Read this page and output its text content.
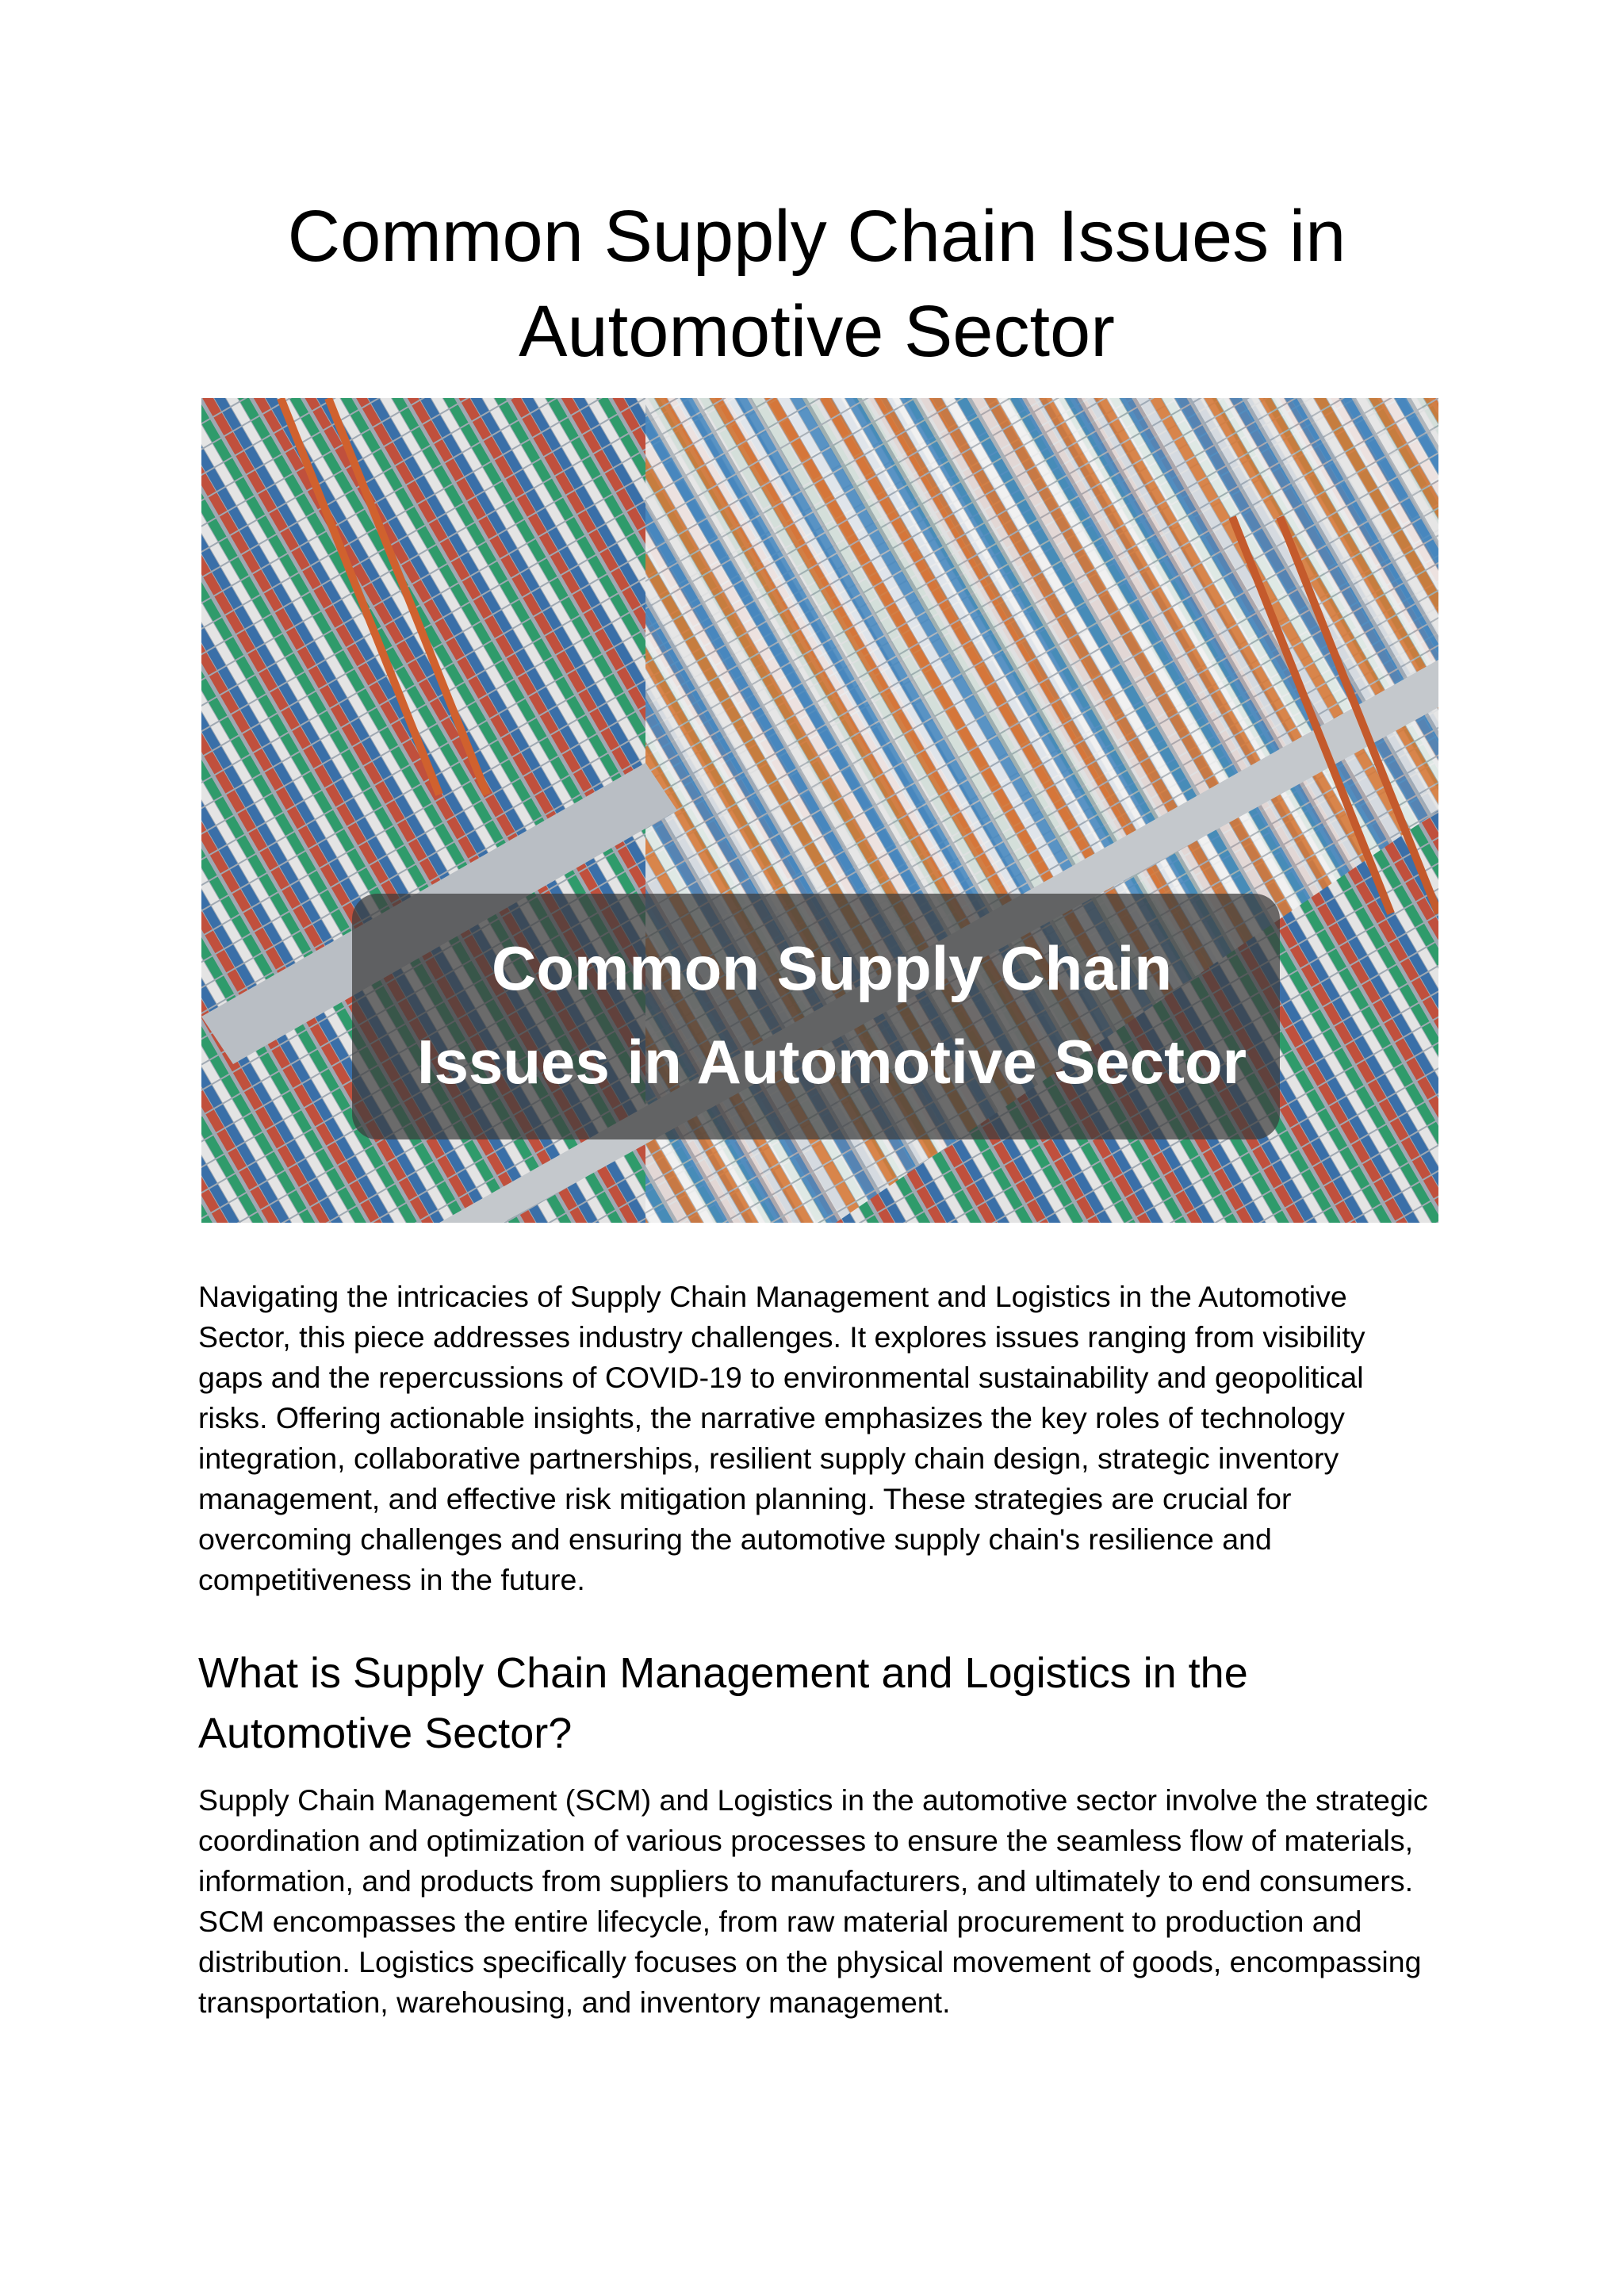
Common Supply Chain Issues in Automotive Sector
Common Supply Chain
Issues in Automotive Sector

Navigating the intricacies of Supply Chain Management and Logistics in the Automotive Sector, this piece addresses industry challenges. It explores issues ranging from visibility gaps and the repercussions of COVID-19 to environmental sustainability and geopolitical risks. Offering actionable insights, the narrative emphasizes the key roles of technology integration, collaborative partnerships, resilient supply chain design, strategic inventory management, and effective risk mitigation planning. These strategies are crucial for overcoming challenges and ensuring the automotive supply chain's resilience and competitiveness in the future.

What is Supply Chain Management and Logistics in the Automotive Sector?

Supply Chain Management (SCM) and Logistics in the automotive sector involve the strategic coordination and optimization of various processes to ensure the seamless flow of materials, information, and products from suppliers to manufacturers, and ultimately to end consumers. SCM encompasses the entire lifecycle, from raw material procurement to production and distribution. Logistics specifically focuses on the physical movement of goods, encompassing transportation, warehousing, and inventory management.
